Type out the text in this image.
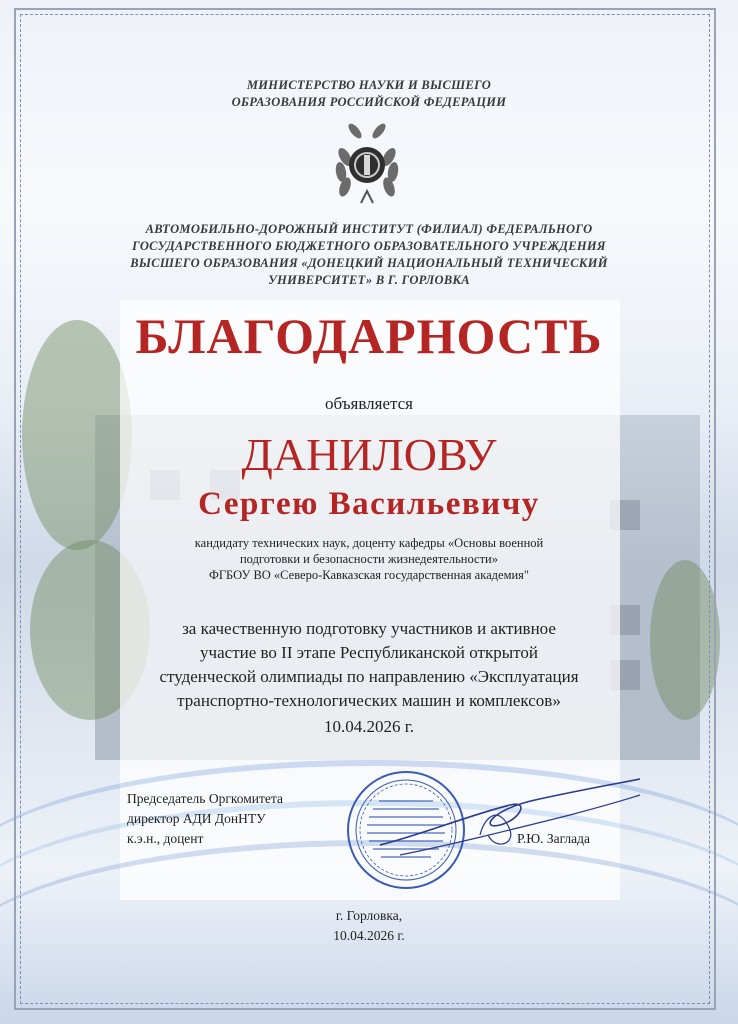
МИНИСТЕРСТВО НАУКИ И ВЫСШЕГО
ОБРАЗОВАНИЯ РОССИЙСКОЙ ФЕДЕРАЦИИ
АВТОМОБИЛЬНО-ДОРОЖНЫЙ ИНСТИТУТ (ФИЛИАЛ) ФЕДЕРАЛЬНОГО
ГОСУДАРСТВЕННОГО БЮДЖЕТНОГО ОБРАЗОВАТЕЛЬНОГО УЧРЕЖДЕНИЯ
ВЫСШЕГО ОБРАЗОВАНИЯ «ДОНЕЦКИЙ НАЦИОНАЛЬНЫЙ ТЕХНИЧЕСКИЙ
УНИВЕРСИТЕТ» В Г. ГОРЛОВКА
БЛАГОДАРНОСТЬ
объявляется
ДАНИЛОВУ
Сергею Васильевичу
кандидату технических наук, доценту кафедры «Основы военной
подготовки и безопасности жизнедеятельности»
ФГБОУ ВО «Северо-Кавказская государственная академия"
за качественную подготовку участников и активное
участие во II этапе Республиканской открытой
студенческой олимпиады по направлению «Эксплуатация
транспортно-технологических машин и комплексов»
10.04.2026 г.
Председатель Оргкомитета
директор АДИ ДонНТУ
к.э.н., доцент	Р.Ю. Заглада
г. Горловка,
10.04.2026 г.
